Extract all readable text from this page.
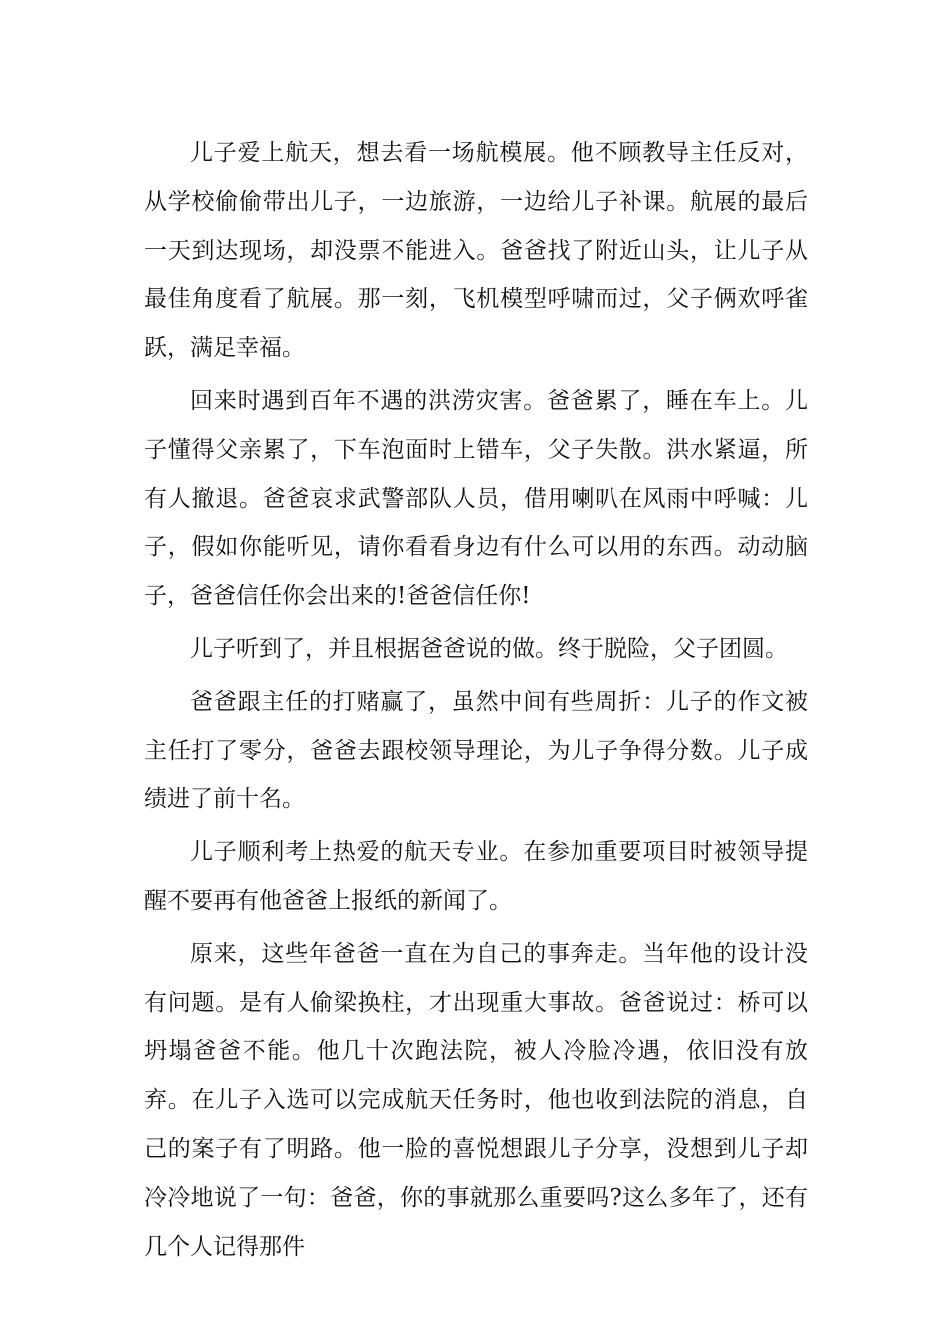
儿子爱上航天，想去看一场航模展。他不顾教导主任反对，从学校偷偷带出儿子，一边旅游，一边给儿子补课。航展的最后一天到达现场，却没票不能进入。爸爸找了附近山头，让儿子从最佳角度看了航展。那一刻，飞机模型呼啸而过，父子俩欢呼雀跃，满足幸福。

回来时遇到百年不遇的洪涝灾害。爸爸累了，睡在车上。儿子懂得父亲累了，下车泡面时上错车，父子失散。洪水紧逼，所有人撤退。爸爸哀求武警部队人员，借用喇叭在风雨中呼喊：儿子，假如你能听见，请你看看身边有什么可以用的东西。动动脑子，爸爸信任你会出来的!爸爸信任你!

儿子听到了，并且根据爸爸说的做。终于脱险，父子团圆。

爸爸跟主任的打赌赢了，虽然中间有些周折：儿子的作文被主任打了零分，爸爸去跟校领导理论，为儿子争得分数。儿子成绩进了前十名。

儿子顺利考上热爱的航天专业。在参加重要项目时被领导提醒不要再有他爸爸上报纸的新闻了。

原来，这些年爸爸一直在为自己的事奔走。当年他的设计没有问题。是有人偷梁换柱，才出现重大事故。爸爸说过：桥可以坍塌爸爸不能。他几十次跑法院，被人冷脸冷遇，依旧没有放弃。在儿子入选可以完成航天任务时，他也收到法院的消息，自己的案子有了明路。他一脸的喜悦想跟儿子分享，没想到儿子却冷冷地说了一句：爸爸，你的事就那么重要吗?这么多年了，还有几个人记得那件
